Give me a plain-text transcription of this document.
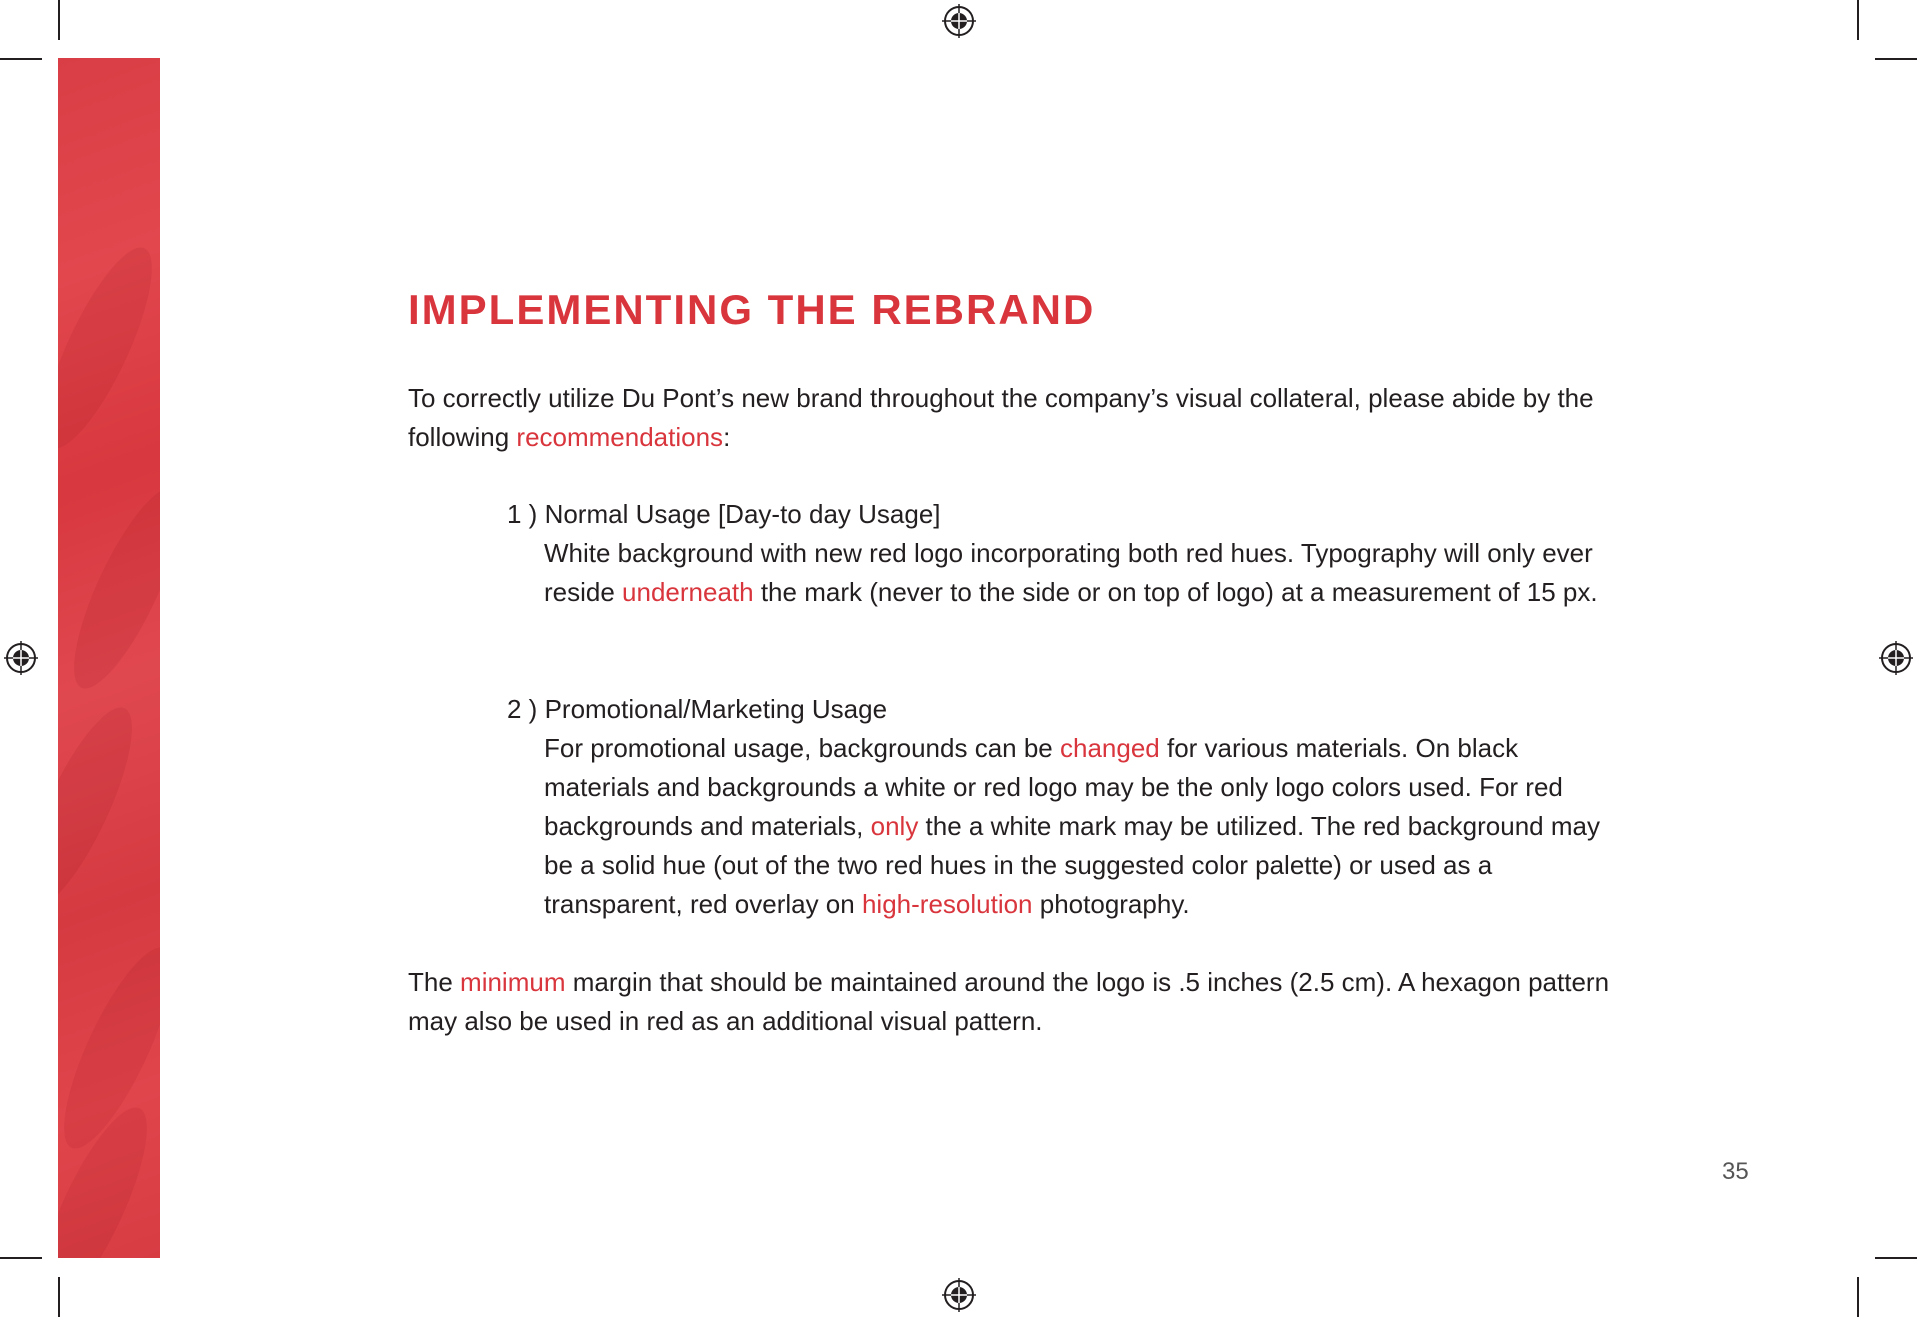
IMPLEMENTING THE REBRAND

To correctly utilize Du Pont’s new brand throughout the company’s visual collateral, please abide by the following recommendations:

1 ) Normal Usage [Day-to day Usage]
White background with new red logo incorporating both red hues. Typography will only ever reside underneath the mark (never to the side or on top of logo) at a measurement of 15 px.
2 ) Promotional/Marketing Usage
For promotional usage, backgrounds can be changed for various materials. On black materials and backgrounds a white or red logo may be the only logo colors used. For red backgrounds and materials, only the a white mark may be utilized. The red background may be a solid hue (out of the two red hues in the suggested color palette) or used as a transparent, red overlay on high-resolution photography.

The minimum margin that should be maintained around the logo is .5 inches (2.5 cm). A hexagon pattern may also be used in red as an additional visual pattern.

35
